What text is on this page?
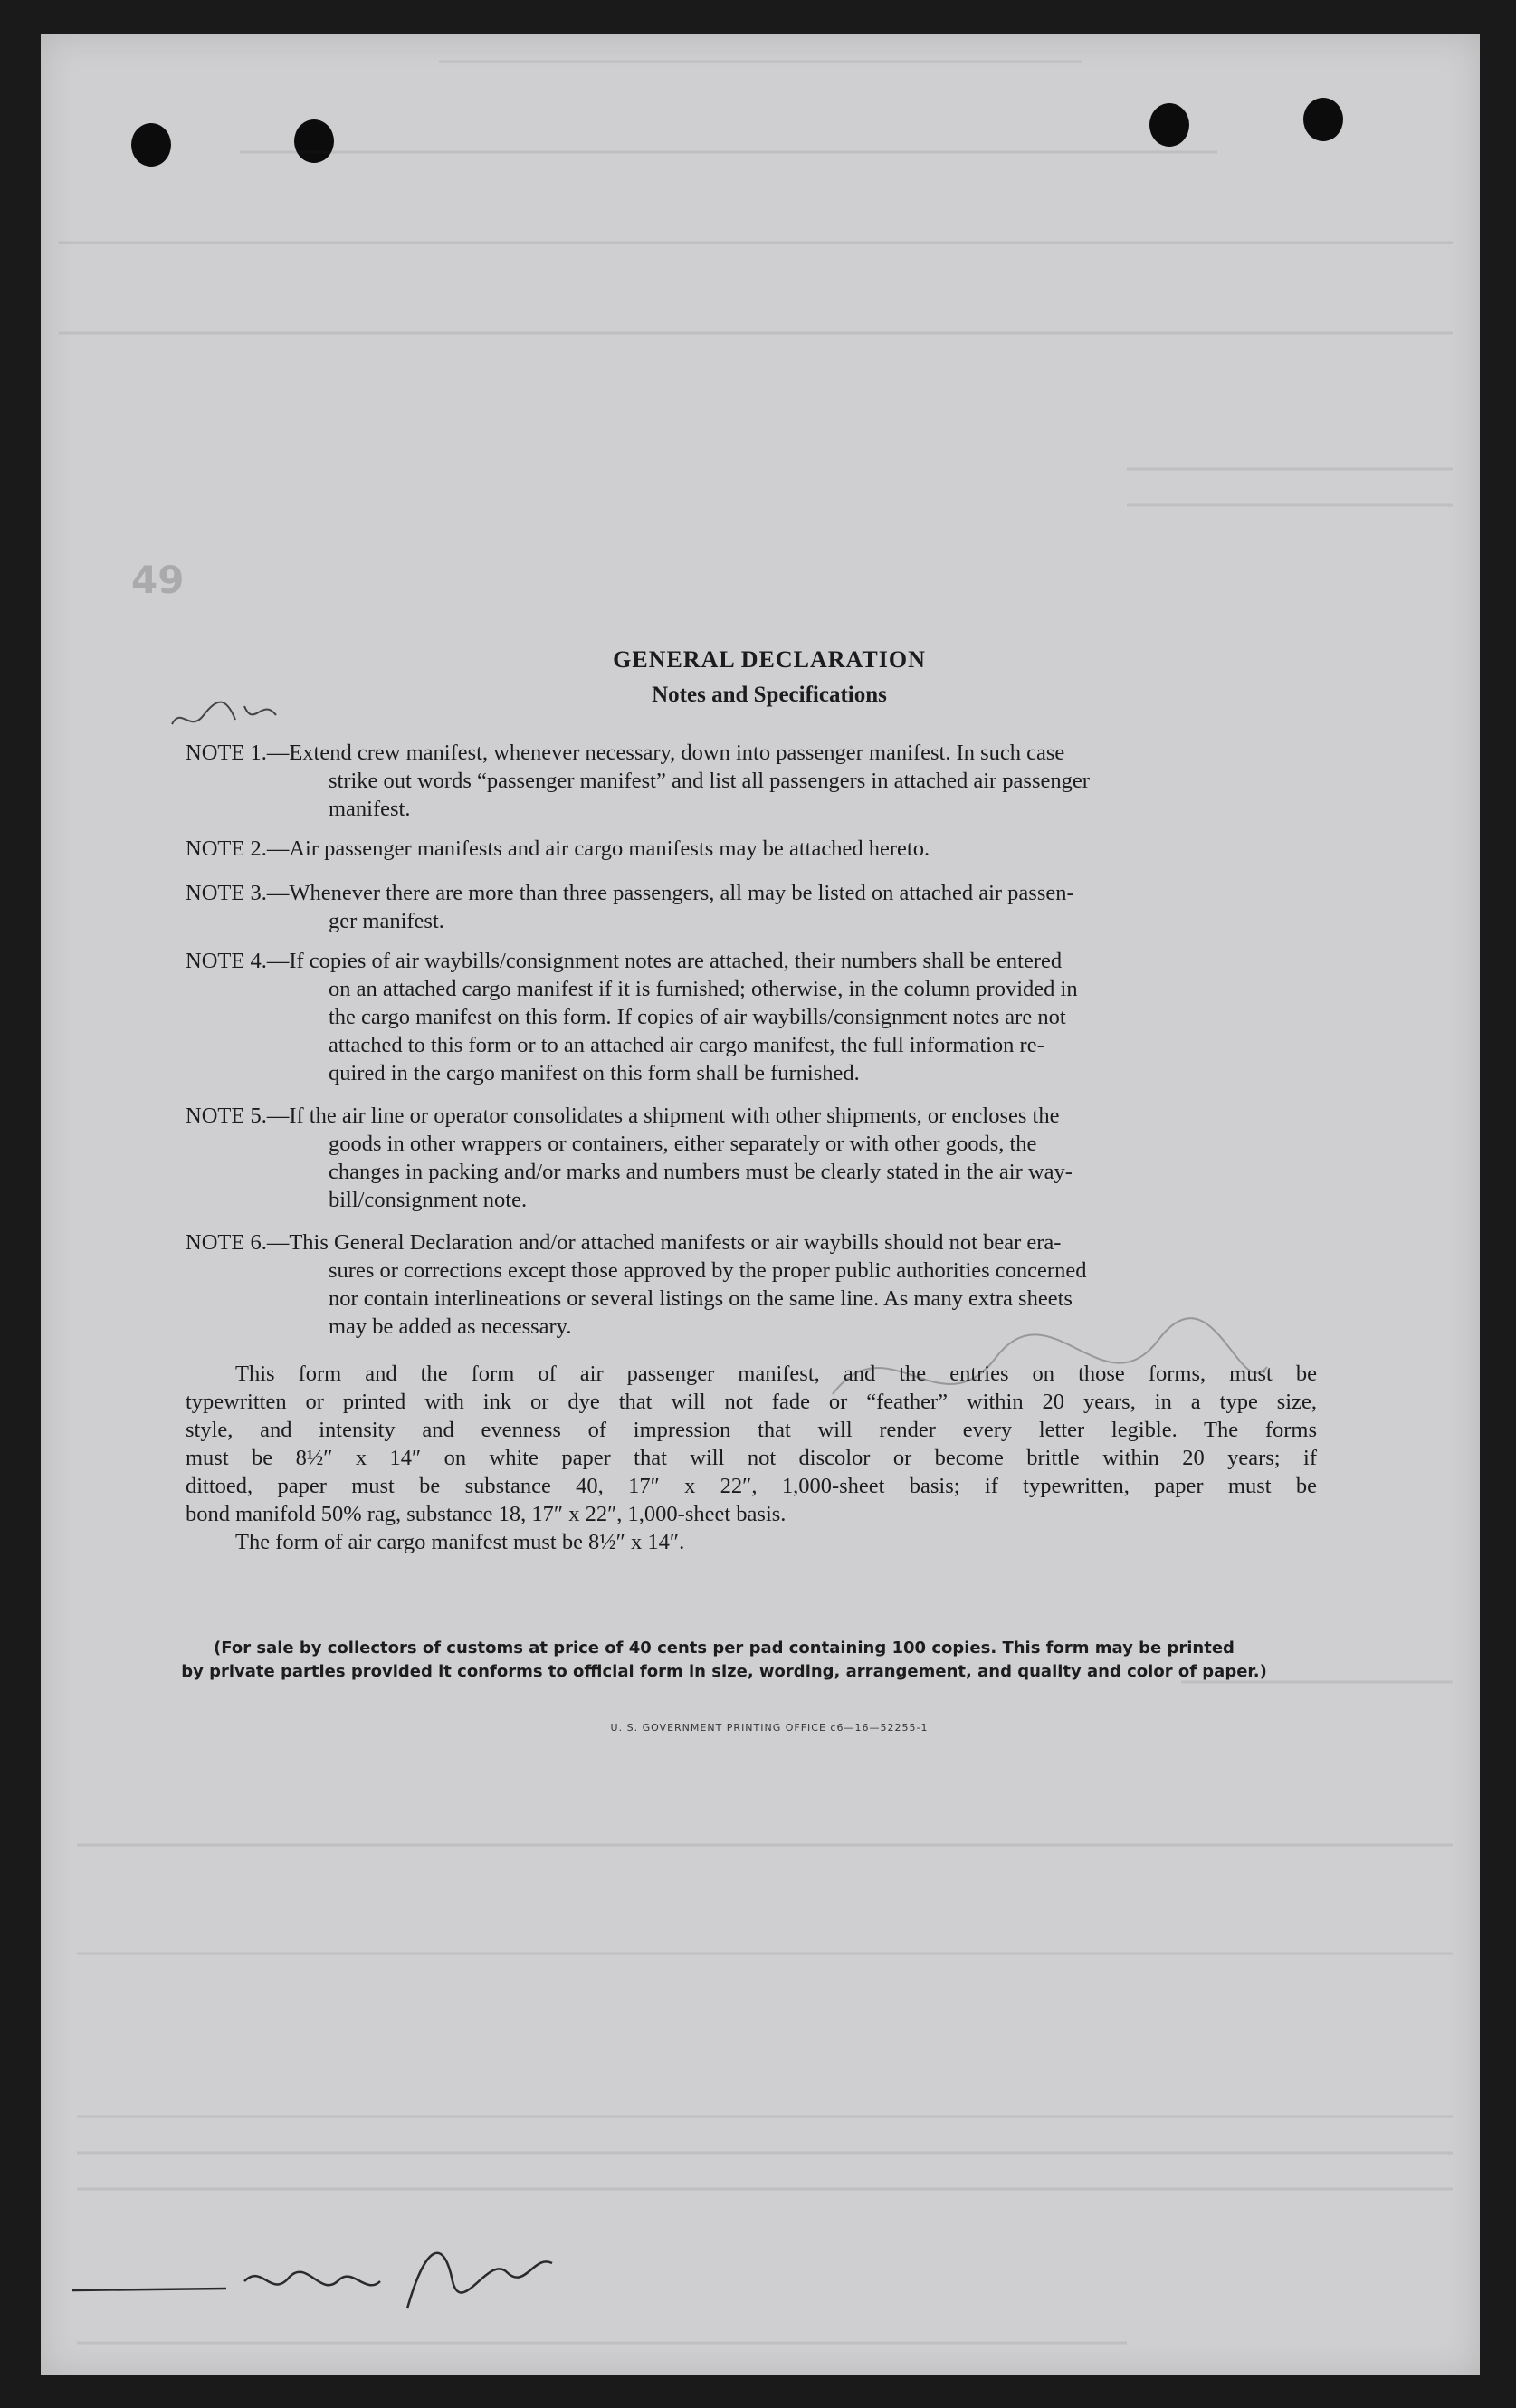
49
GENERAL DECLARATION
Notes and Specifications
NOTE 1.—Extend crew manifest, whenever necessary, down into passenger manifest. In such case
strike out words “passenger manifest” and list all passengers in attached air passenger
manifest.
NOTE 2.—Air passenger manifests and air cargo manifests may be attached hereto.
NOTE 3.—Whenever there are more than three passengers, all may be listed on attached air passen-
ger manifest.
NOTE 4.—If copies of air waybills/consignment notes are attached, their numbers shall be entered
on an attached cargo manifest if it is furnished; otherwise, in the column provided in
the cargo manifest on this form. If copies of air waybills/consignment notes are not
attached to this form or to an attached air cargo manifest, the full information re-
quired in the cargo manifest on this form shall be furnished.
NOTE 5.—If the air line or operator consolidates a shipment with other shipments, or encloses the
goods in other wrappers or containers, either separately or with other goods, the
changes in packing and/or marks and numbers must be clearly stated in the air way-
bill/consignment note.
NOTE 6.—This General Declaration and/or attached manifests or air waybills should not bear era-
sures or corrections except those approved by the proper public authorities concerned
nor contain interlineations or several listings on the same line. As many extra sheets
may be added as necessary.
This form and the form of air passenger manifest, and the entries on those forms, must be
typewritten or printed with ink or dye that will not fade or “feather” within 20 years, in a type size,
style, and intensity and evenness of impression that will render every letter legible. The forms
must be 8½″ x 14″ on white paper that will not discolor or become brittle within 20 years; if
dittoed, paper must be substance 40, 17″ x 22″, 1,000-sheet basis; if typewritten, paper must be
bond manifold 50% rag, substance 18, 17″ x 22″, 1,000-sheet basis.
The form of air cargo manifest must be 8½″ x 14″.
(For sale by collectors of customs at price of 40 cents per pad containing 100 copies. This form may be printed
by private parties provided it conforms to official form in size, wording, arrangement, and quality and color of paper.)
U. S. GOVERNMENT PRINTING OFFICE c6—16—52255-1
